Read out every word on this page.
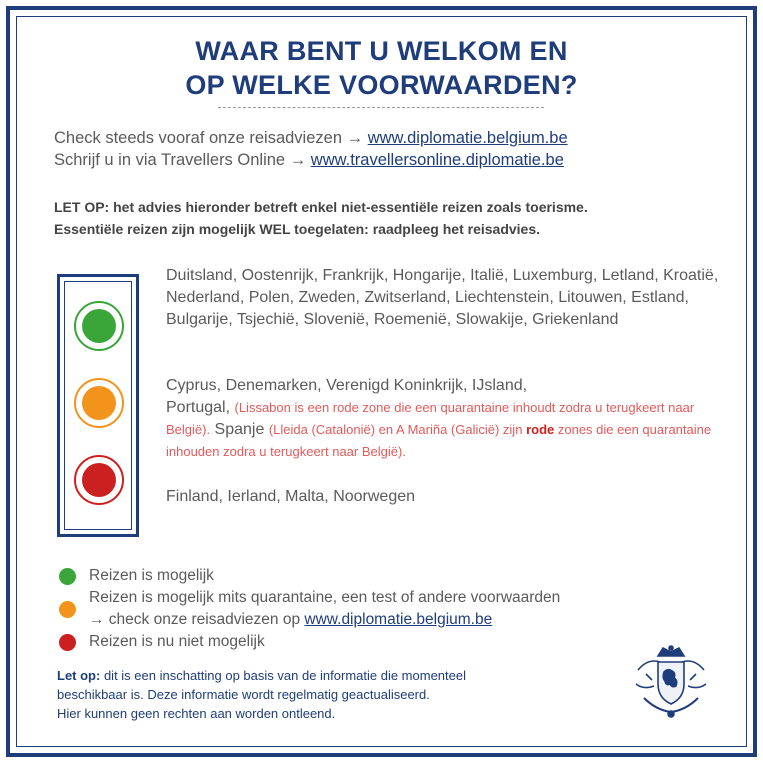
WAAR BENT U WELKOM EN
OP WELKE VOORWAARDEN?
Check steeds vooraf onze reisadviezen → www.diplomatie.belgium.be
Schrijf u in via Travellers Online → www.travellersonline.diplomatie.be
LET OP: het advies hieronder betreft enkel niet-essentiële reizen zoals toerisme.
Essentiële reizen zijn mogelijk WEL toegelaten: raadpleeg het reisadvies.
Duitsland, Oostenrijk, Frankrijk, Hongarije, Italië, Luxemburg, Letland, Kroatië, Nederland, Polen, Zweden, Zwitserland, Liechtenstein, Litouwen, Estland, Bulgarije, Tsjechië, Slovenië, Roemenië, Slowakije, Griekenland
Cyprus, Denemarken, Verenigd Koninkrijk, IJsland,
Portugal, (Lissabon is een rode zone die een quarantaine inhoudt zodra u terugkeert naar België). Spanje (Lleida (Catalonië) en A Mariña (Galicië) zijn rode zones die een quarantaine inhouden zodra u terugkeert naar België).
Finland, Ierland, Malta, Noorwegen
Reizen is mogelijk
Reizen is mogelijk mits quarantaine, een test of andere voorwaarden
→ check onze reisadviezen op www.diplomatie.belgium.be
Reizen is nu niet mogelijk
Let op: dit is een inschatting op basis van de informatie die momenteel
beschikbaar is. Deze informatie wordt regelmatig geactualiseerd.
Hier kunnen geen rechten aan worden ontleend.
